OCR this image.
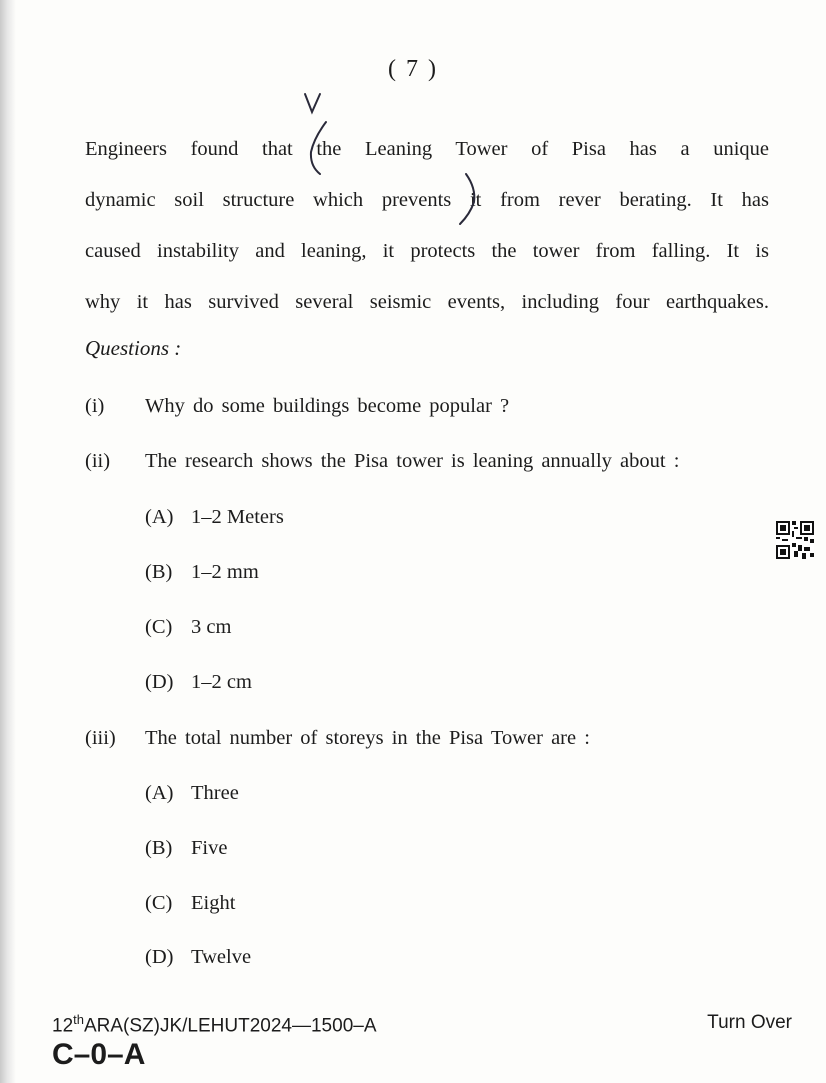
( 7 )
Engineers found that the Leaning Tower of Pisa has a unique
dynamic soil structure which prevents it from rever berating. It has
caused instability and leaning, it protects the tower from falling. It is
why it has survived several seismic events, including four earthquakes.
Questions :
(i)	Why do some buildings become popular ?
(ii)	The research shows the Pisa tower is leaning annually about :
(A) 1–2 Meters
(B) 1–2 mm
(C) 3 cm
(D) 1–2 cm
(iii)	The total number of storeys in the Pisa Tower are :
(A) Three
(B) Five
(C) Eight
(D) Twelve
12thARA(SZ)JK/LEHUT2024—1500–A
C–0–A
Turn Over
